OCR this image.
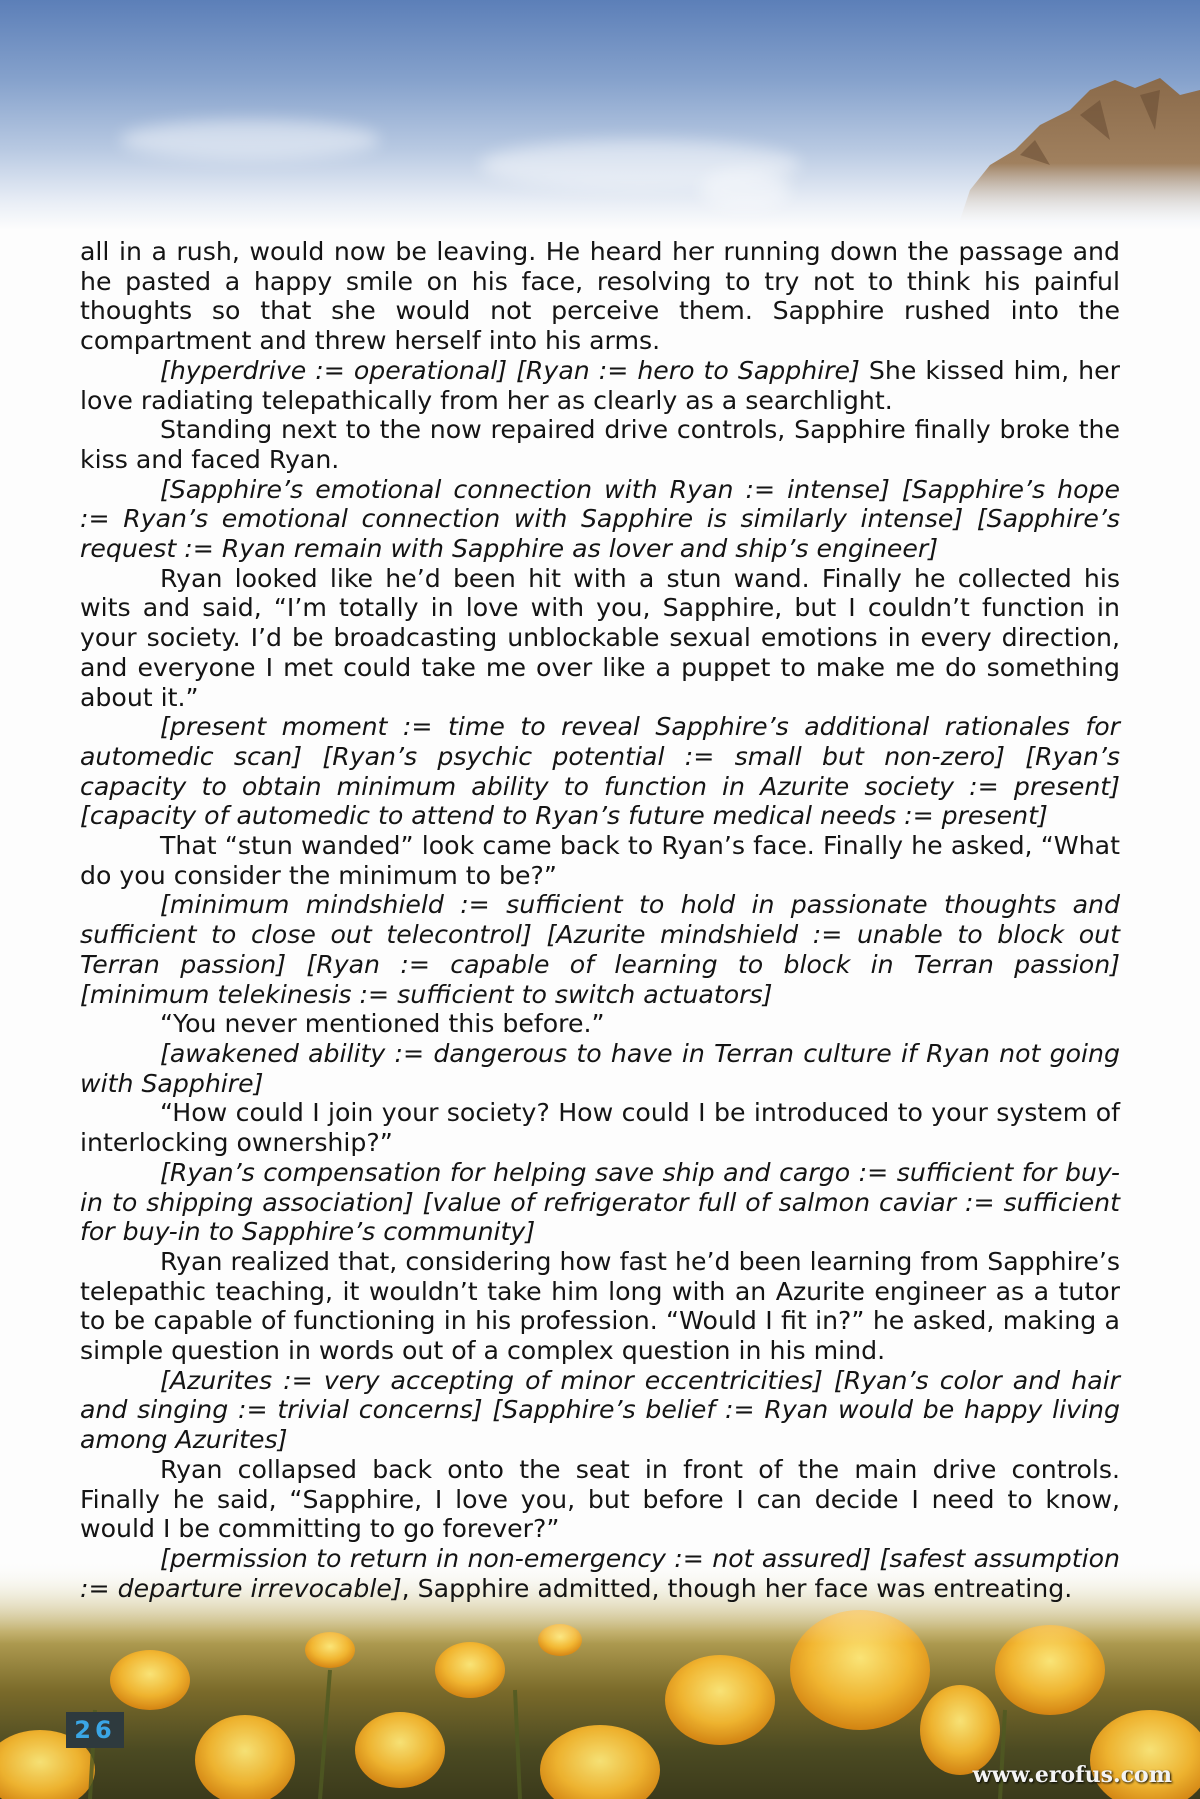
all in a rush, would now be leaving. He heard her running down the passage and he pasted a happy smile on his face, resolving to try not to think his painful thoughts so that she would not perceive them. Sapphire rushed into the compartment and threw herself into his arms.

[hyperdrive := operational] [Ryan := hero to Sapphire] She kissed him, her love radiating telepathically from her as clearly as a searchlight.

Standing next to the now repaired drive controls, Sapphire finally broke the kiss and faced Ryan.

[Sapphire’s emotional connection with Ryan := intense] [Sapphire’s hope := Ryan’s emotional connection with Sapphire is similarly intense] [Sapphire’s request := Ryan remain with Sapphire as lover and ship’s engineer]

Ryan looked like he’d been hit with a stun wand. Finally he collected his wits and said, “I’m totally in love with you, Sapphire, but I couldn’t function in your society. I’d be broadcasting unblockable sexual emotions in every direction, and everyone I met could take me over like a puppet to make me do something about it.”

[present moment := time to reveal Sapphire’s additional rationales for automedic scan] [Ryan’s psychic potential := small but non-zero] [Ryan’s capacity to obtain minimum ability to function in Azurite society := present] [capacity of automedic to attend to Ryan’s future medical needs := present]

That “stun wanded” look came back to Ryan’s face. Finally he asked, “What do you consider the minimum to be?”

[minimum mindshield := sufficient to hold in passionate thoughts and sufficient to close out telecontrol] [Azurite mindshield := unable to block out Terran passion] [Ryan := capable of learning to block in Terran passion] [minimum telekinesis := sufficient to switch actuators]

“You never mentioned this before.”

[awakened ability := dangerous to have in Terran culture if Ryan not going with Sapphire]

“How could I join your society? How could I be introduced to your system of interlocking ownership?”

[Ryan’s compensation for helping save ship and cargo := sufficient for buy-in to shipping association] [value of refrigerator full of salmon caviar := sufficient for buy-in to Sapphire’s community]

Ryan realized that, considering how fast he’d been learning from Sapphire’s telepathic teaching, it wouldn’t take him long with an Azurite engineer as a tutor to be capable of functioning in his profession. “Would I fit in?” he asked, making a simple question in words out of a complex question in his mind.

[Azurites := very accepting of minor eccentricities] [Ryan’s color and hair and singing := trivial concerns] [Sapphire’s belief := Ryan would be happy living among Azurites]

Ryan collapsed back onto the seat in front of the main drive controls. Finally he said, “Sapphire, I love you, but before I can decide I need to know, would I be committing to go forever?”

[permission to return in non-emergency := not assured] [safest assumption := departure irrevocable], Sapphire admitted, though her face was entreating.

26
www.erofus.com
